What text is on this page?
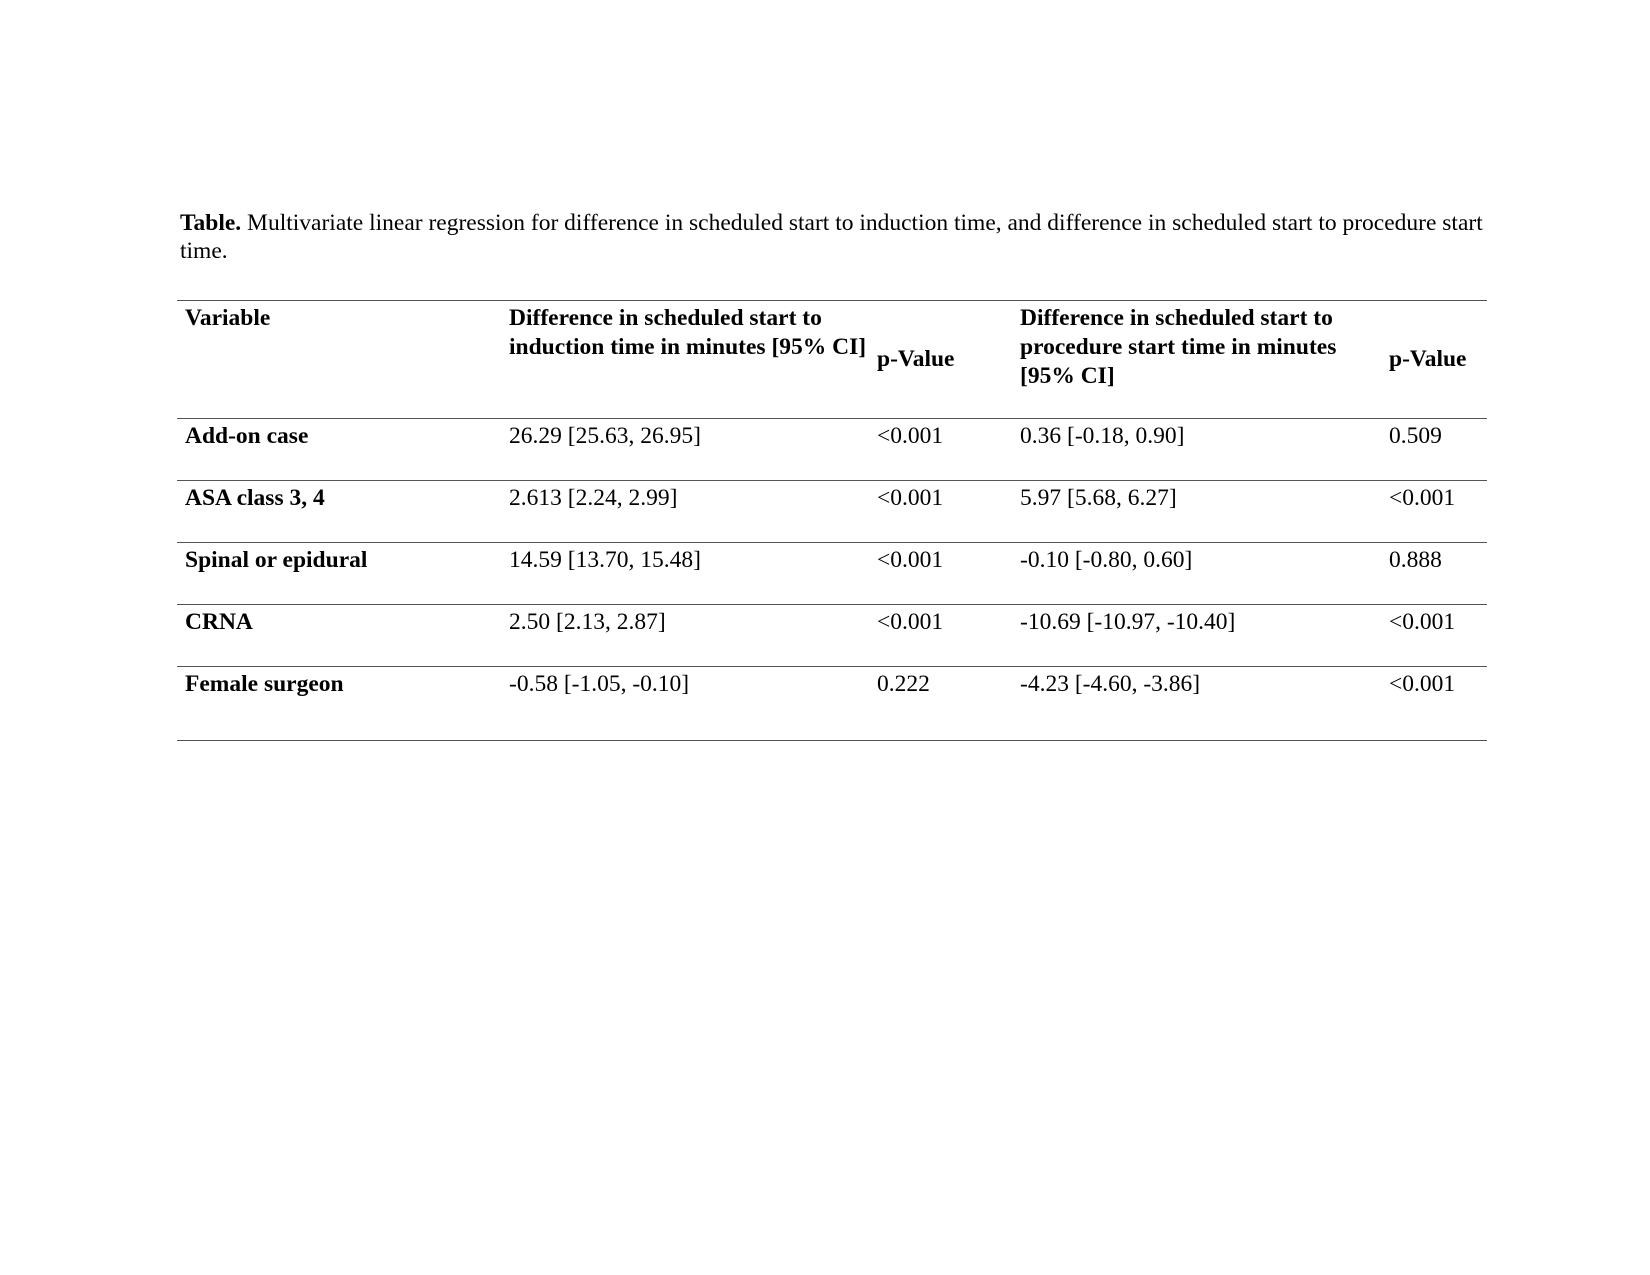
Table. Multivariate linear regression for difference in scheduled start to induction time, and difference in scheduled start to procedure start time.
Variable	Difference in scheduled start to induction time in minutes [95% CI]	p-Value	Difference in scheduled start to procedure start time in minutes [95% CI]	p-Value
Add-on case	26.29 [25.63, 26.95]	<0.001	0.36 [-0.18, 0.90]	0.509
ASA class 3, 4	2.613 [2.24, 2.99]	<0.001	5.97 [5.68, 6.27]	<0.001
Spinal or epidural	14.59 [13.70, 15.48]	<0.001	-0.10 [-0.80, 0.60]	0.888
CRNA	2.50 [2.13, 2.87]	<0.001	-10.69 [-10.97, -10.40]	<0.001
Female surgeon	-0.58 [-1.05, -0.10]	0.222	-4.23 [-4.60, -3.86]	<0.001
